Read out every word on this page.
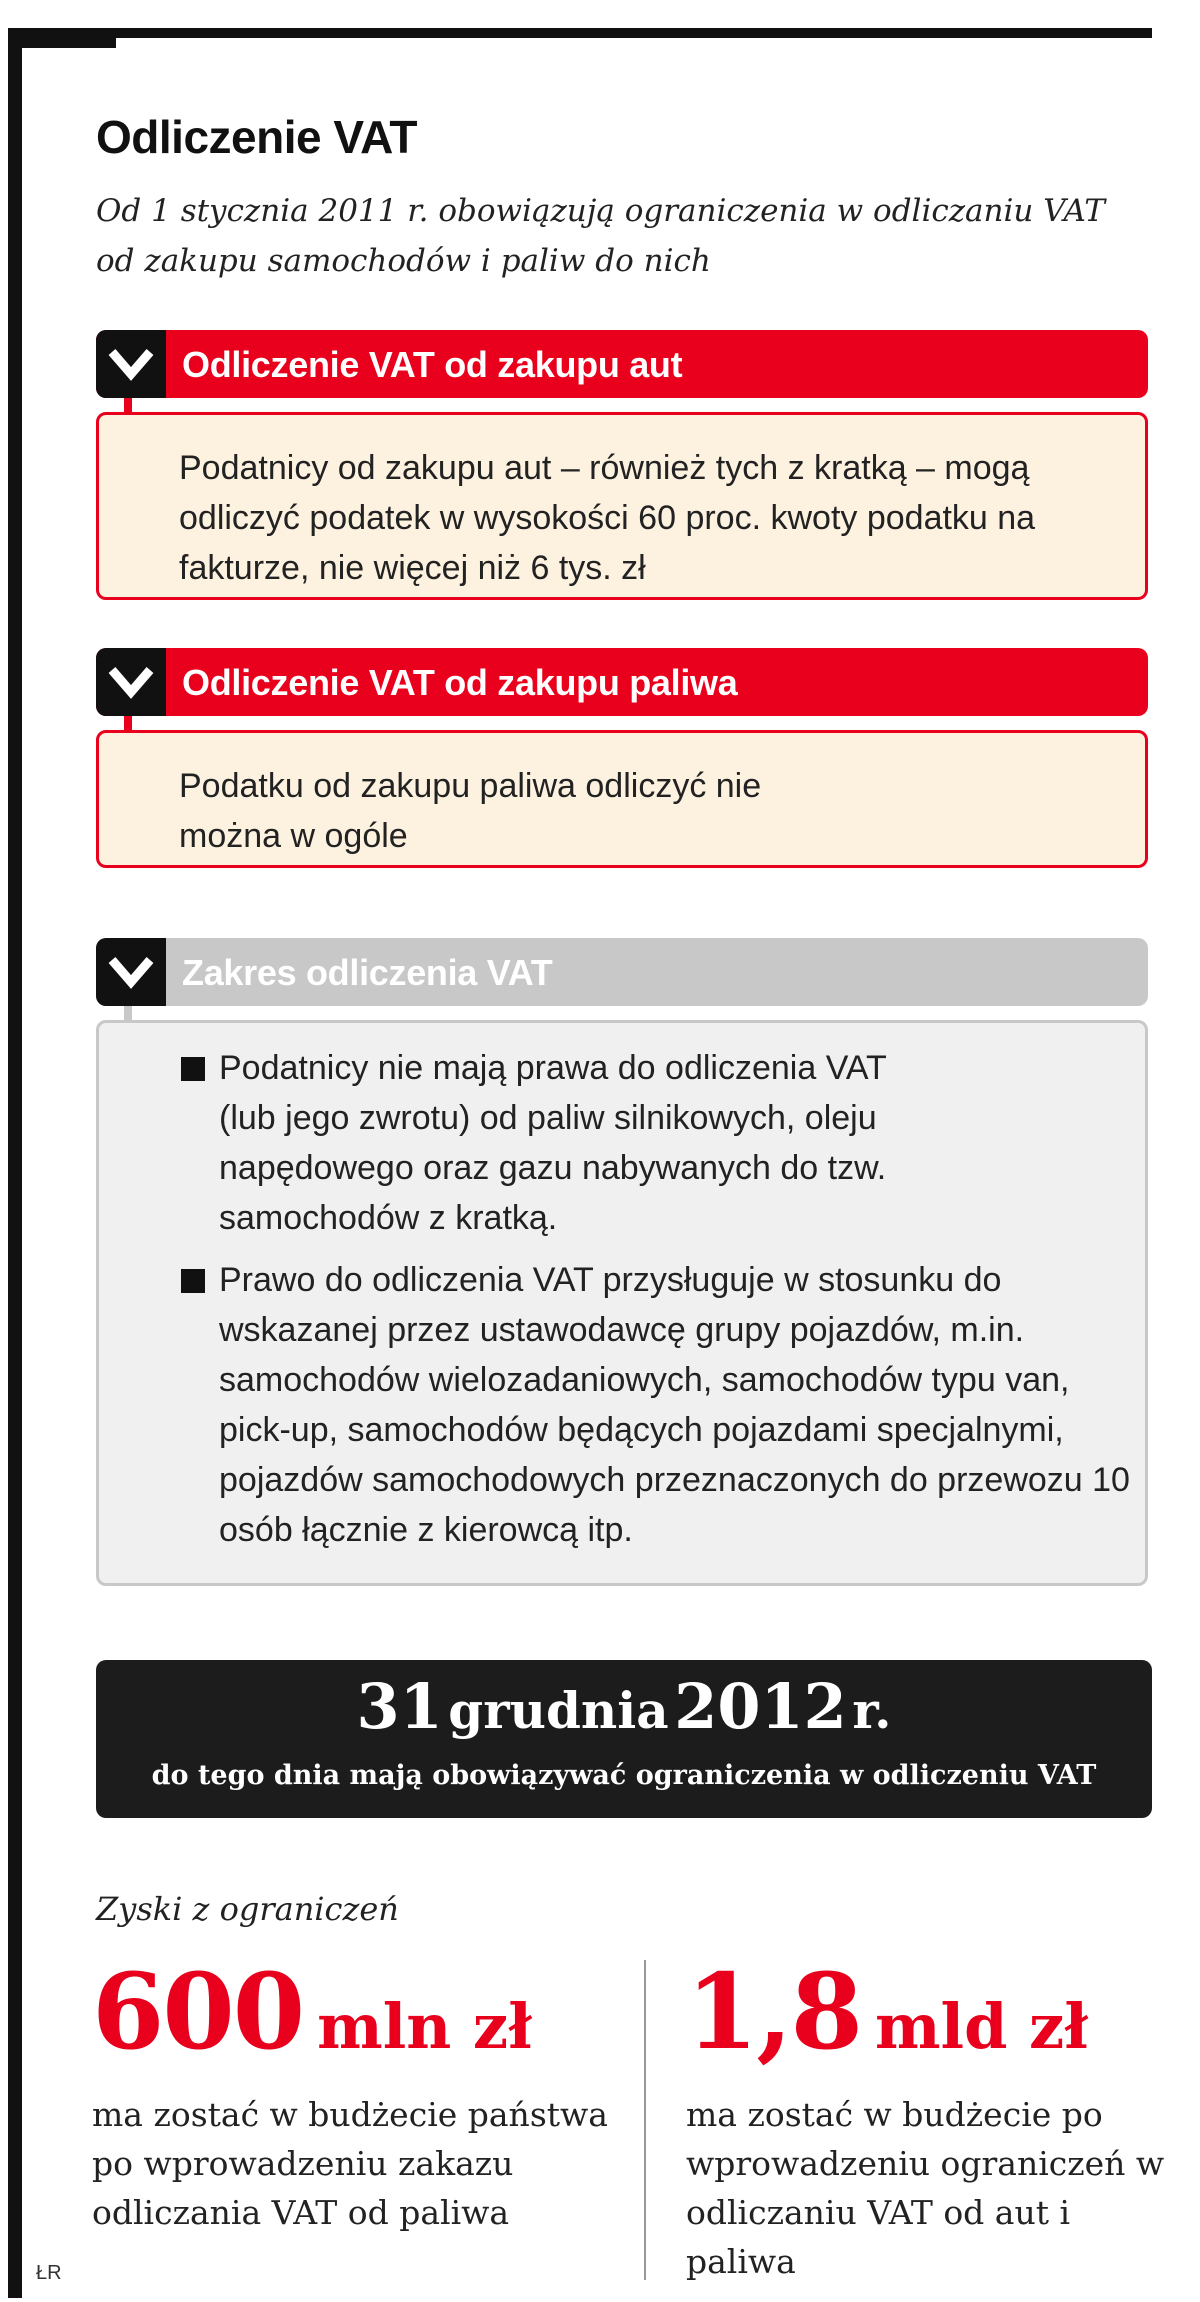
Odliczenie VAT
Od 1 stycznia 2011 r. obowiązują ograniczenia w odliczaniu VAT od zakupu samochodów i paliw do nich
Odliczenie VAT od zakupu aut
Podatnicy od zakupu aut – również tych z kratką – mogą odliczyć podatek w wysokości 60 proc. kwoty podatku na fakturze, nie więcej niż 6 tys. zł
Odliczenie VAT od zakupu paliwa
Podatku od zakupu paliwa odliczyć nie można w ogóle
Zakres odliczenia VAT
Podatnicy nie mają prawa do odliczenia VAT (lub jego zwrotu) od paliw silnikowych, oleju napędowego oraz gazu nabywanych do tzw. samochodów z kratką.
Prawo do odliczenia VAT przysługuje w stosunku do wskazanej przez ustawodawcę grupy pojazdów, m.in. samochodów wielozadaniowych, samochodów typu van, pick-up, samochodów będących pojazdami specjalnymi, pojazdów samochodowych przeznaczonych do przewozu 10 osób łącznie z kierowcą itp.
31 grudnia 2012 r.
do tego dnia mają obowiązywać ograniczenia w odliczeniu VAT
Zyski z ograniczeń
600 mln zł
ma zostać w budżecie państwa po wprowadzeniu zakazu odliczania VAT od paliwa
1,8 mld zł
ma zostać w budżecie po wprowadzeniu ograniczeń w odliczaniu VAT od aut i paliwa
ŁR
